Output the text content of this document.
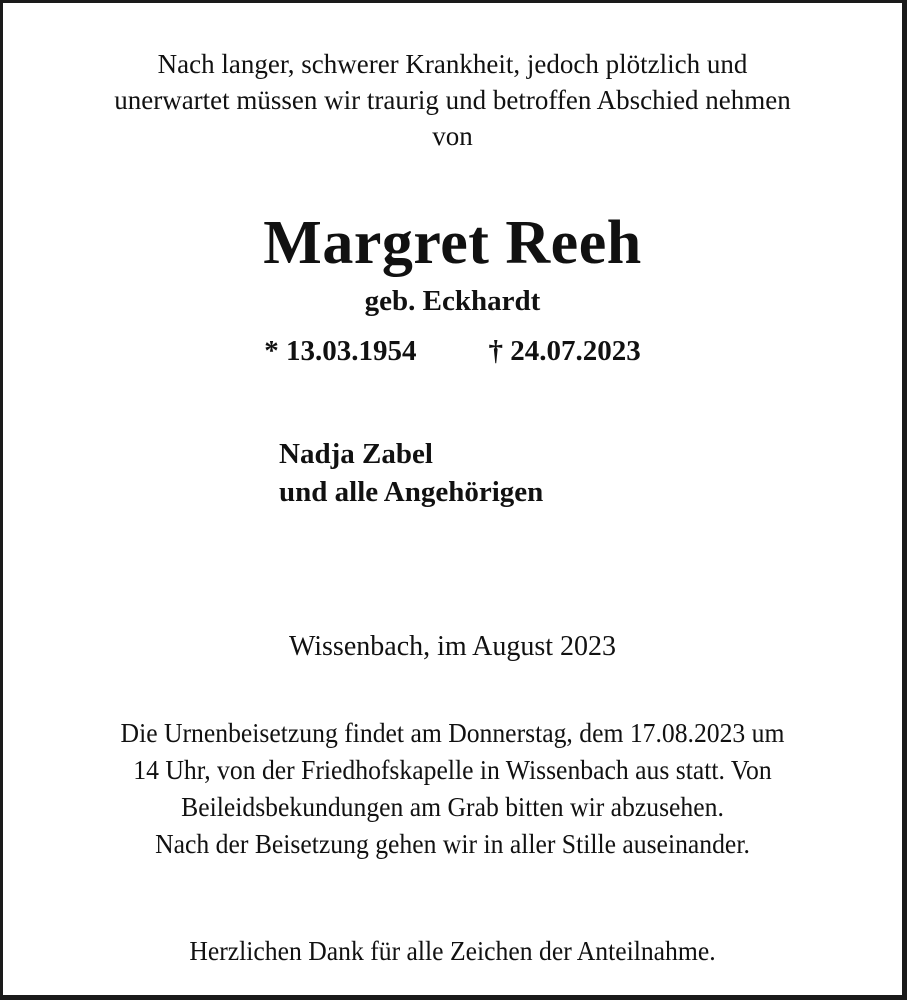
Nach langer, schwerer Krankheit, jedoch plötzlich und
unerwartet müssen wir traurig und betroffen Abschied nehmen
von
Margret Reeh
geb. Eckhardt
* 13.03.1954 † 24.07.2023
Nadja Zabel
und alle Angehörigen
Wissenbach, im August 2023
Die Urnenbeisetzung findet am Donnerstag, dem 17.08.2023 um
14 Uhr, von der Friedhofskapelle in Wissenbach aus statt. Von
Beileidsbekundungen am Grab bitten wir abzusehen.
Nach der Beisetzung gehen wir in aller Stille auseinander.
Herzlichen Dank für alle Zeichen der Anteilnahme.
